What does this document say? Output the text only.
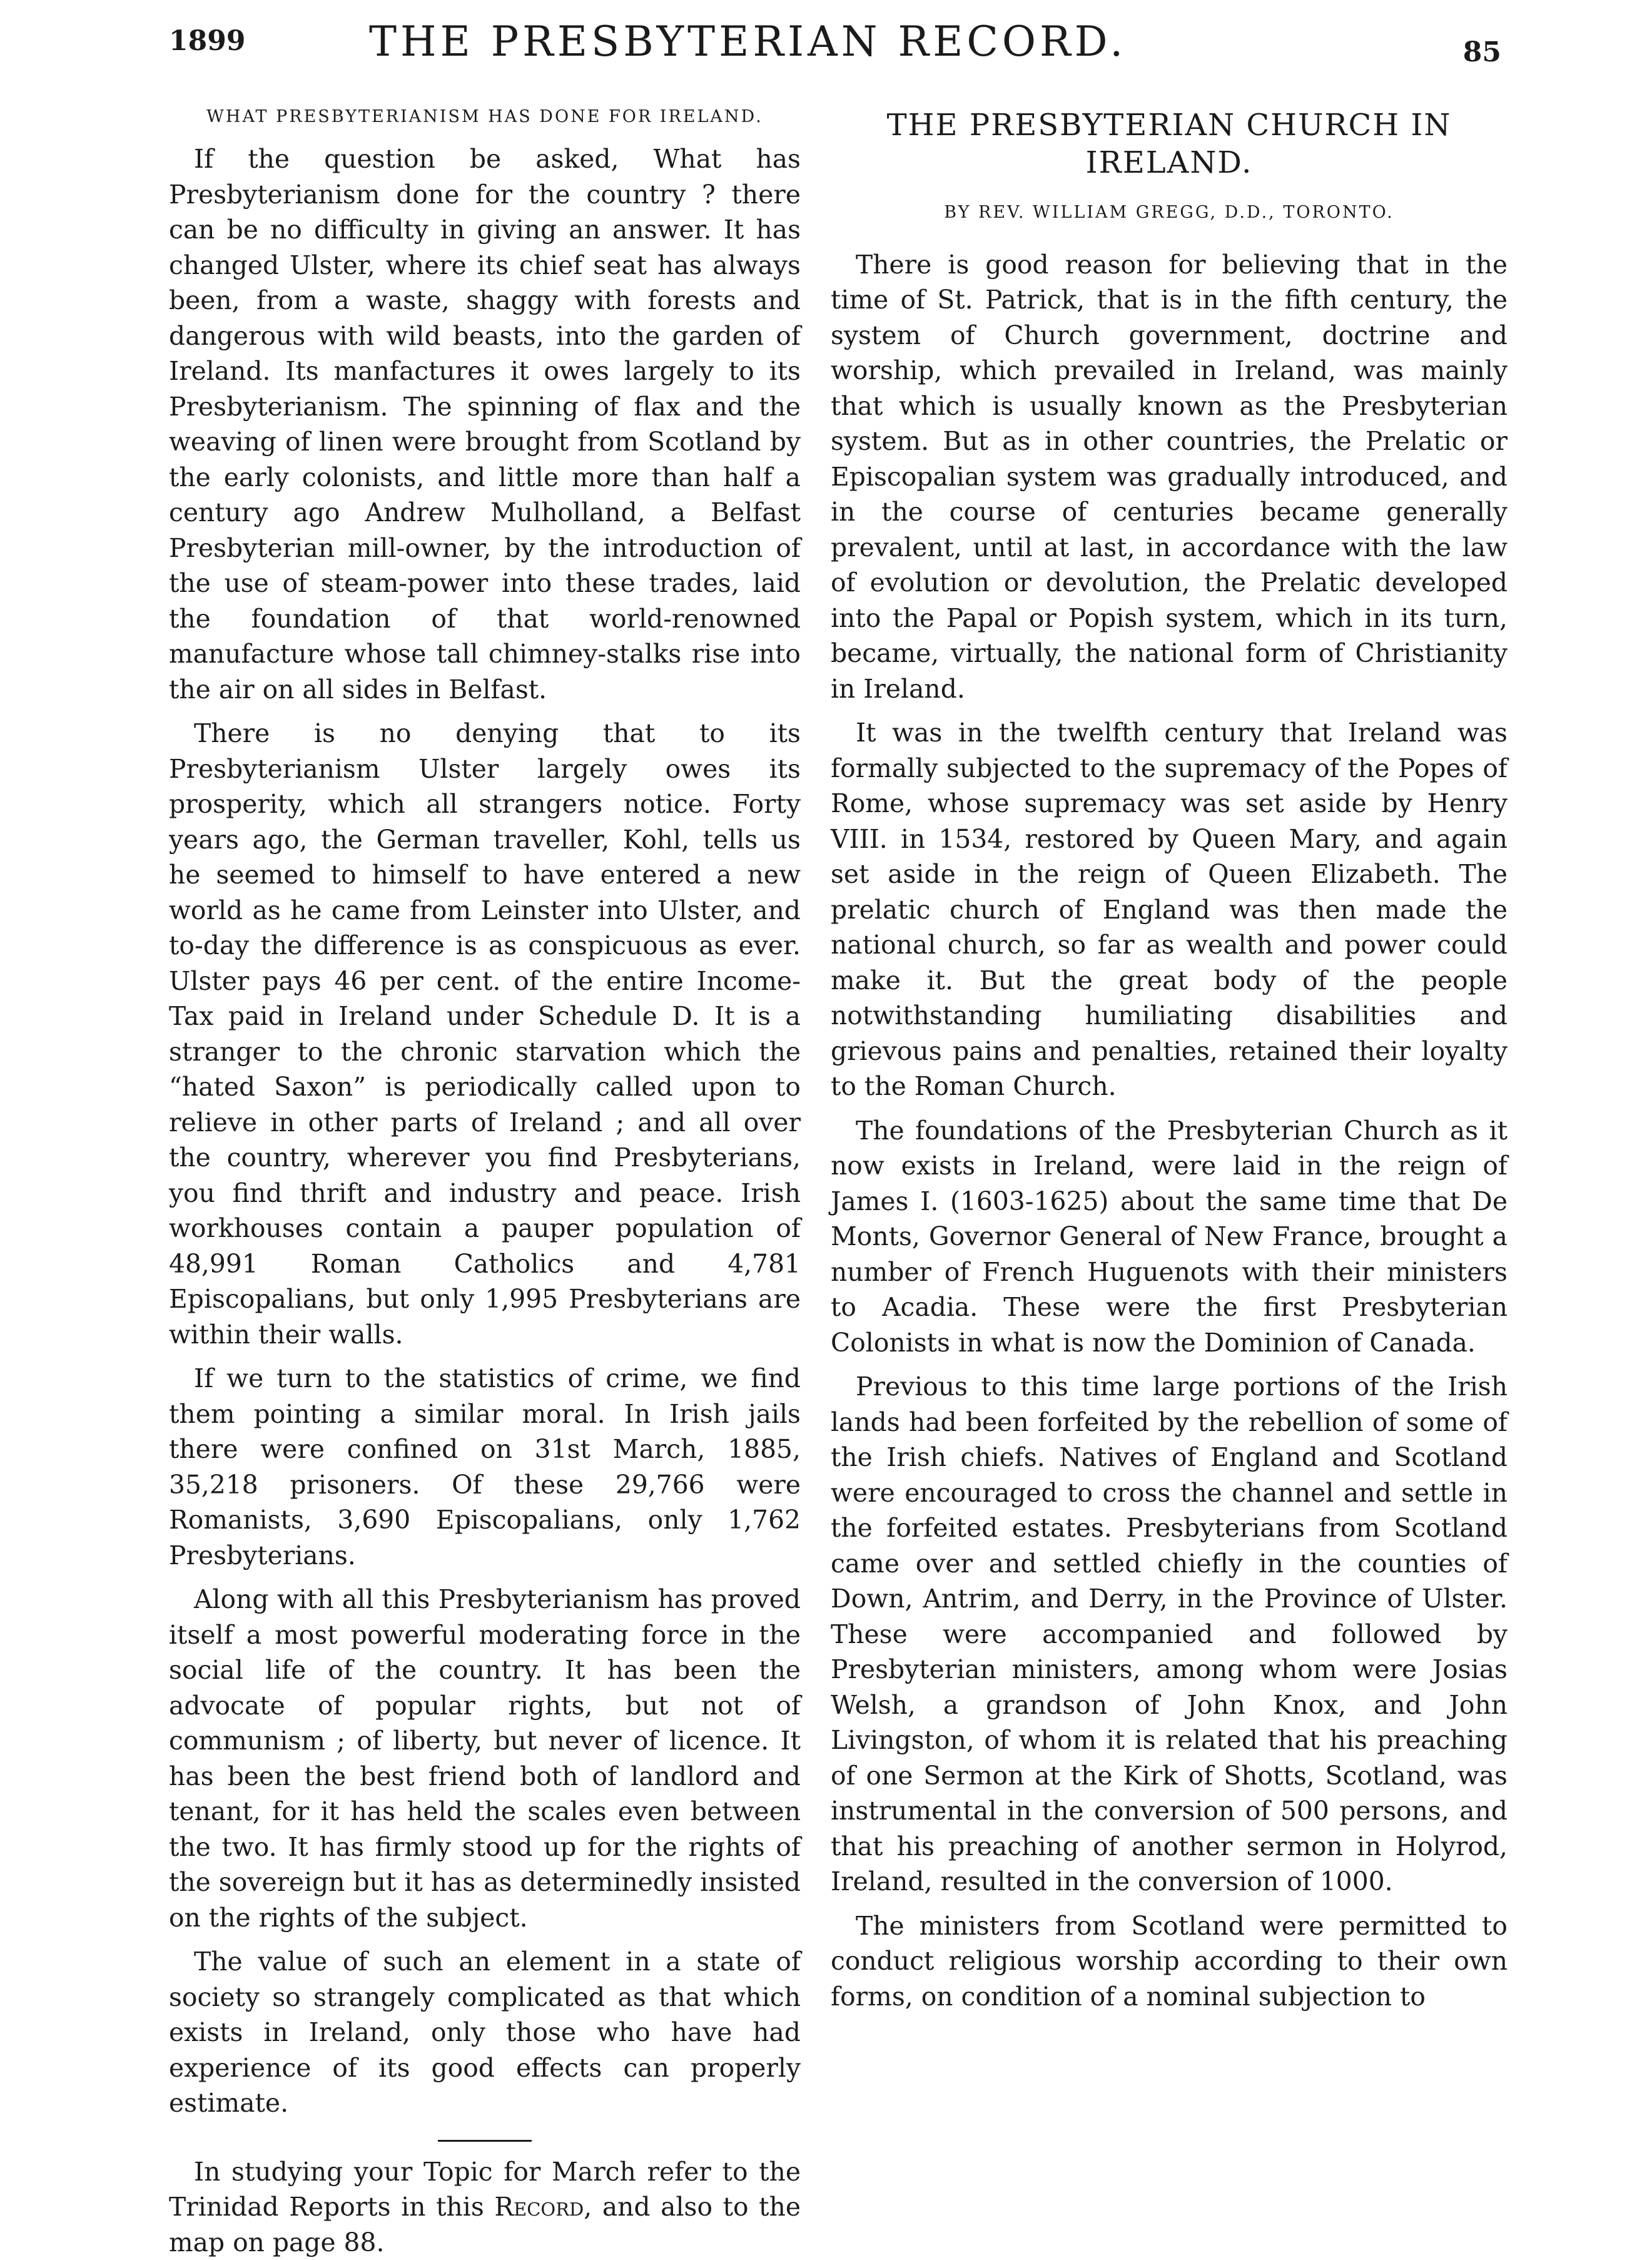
1899	THE PRESBYTERIAN RECORD.	85
WHAT PRESBYTERIANISM HAS DONE FOR IRELAND.

If the question be asked, What has Presbyterianism done for the country ? there can be no difficulty in giving an answer. It has changed Ulster, where its chief seat has always been, from a waste, shaggy with forests and dangerous with wild beasts, into the garden of Ireland. Its manfactures it owes largely to its Presbyterianism. The spinning of flax and the weaving of linen were brought from Scotland by the early colonists, and little more than half a century ago Andrew Mulholland, a Belfast Presbyterian mill-owner, by the introduction of the use of steam-power into these trades, laid the foundation of that world-renowned manufacture whose tall chimney-stalks rise into the air on all sides in Belfast.

There is no denying that to its Presbyterianism Ulster largely owes its prosperity, which all strangers notice. Forty years ago, the German traveller, Kohl, tells us he seemed to himself to have entered a new world as he came from Leinster into Ulster, and to-day the difference is as conspicuous as ever. Ulster pays 46 per cent. of the entire Income-Tax paid in Ireland under Schedule D. It is a stranger to the chronic starvation which the “hated Saxon” is periodically called upon to relieve in other parts of Ireland ; and all over the country, wherever you find Presbyterians, you find thrift and industry and peace. Irish workhouses contain a pauper population of 48,991 Roman Catholics and 4,781 Episcopalians, but only 1,995 Presbyterians are within their walls.

If we turn to the statistics of crime, we find them pointing a similar moral. In Irish jails there were confined on 31st March, 1885, 35,218 prisoners. Of these 29,766 were Romanists, 3,690 Episcopalians, only 1,762 Presbyterians.

Along with all this Presbyterianism has proved itself a most powerful moderating force in the social life of the country. It has been the advocate of popular rights, but not of communism ; of liberty, but never of licence. It has been the best friend both of landlord and tenant, for it has held the scales even between the two. It has firmly stood up for the rights of the sovereign but it has as determinedly insisted on the rights of the subject.

The value of such an element in a state of society so strangely complicated as that which exists in Ireland, only those who have had experience of its good effects can properly estimate.

In studying your Topic for March refer to the Trinidad Reports in this Record, and also to the map on page 88.

THE PRESBYTERIAN CHURCH IN IRELAND.
BY REV. WILLIAM GREGG, D.D., TORONTO.

There is good reason for believing that in the time of St. Patrick, that is in the fifth century, the system of Church government, doctrine and worship, which prevailed in Ireland, was mainly that which is usually known as the Presbyterian system. But as in other countries, the Prelatic or Episcopalian system was gradually introduced, and in the course of centuries became generally prevalent, until at last, in accordance with the law of evolution or devolution, the Prelatic developed into the Papal or Popish system, which in its turn, became, virtually, the national form of Christianity in Ireland.

It was in the twelfth century that Ireland was formally subjected to the supremacy of the Popes of Rome, whose supremacy was set aside by Henry VIII. in 1534, restored by Queen Mary, and again set aside in the reign of Queen Elizabeth. The prelatic church of England was then made the national church, so far as wealth and power could make it. But the great body of the people notwithstanding humiliating disabilities and grievous pains and penalties, retained their loyalty to the Roman Church.

The foundations of the Presbyterian Church as it now exists in Ireland, were laid in the reign of James I. (1603-1625) about the same time that De Monts, Governor General of New France, brought a number of French Huguenots with their ministers to Acadia. These were the first Presbyterian Colonists in what is now the Dominion of Canada.

Previous to this time large portions of the Irish lands had been forfeited by the rebellion of some of the Irish chiefs. Natives of England and Scotland were encouraged to cross the channel and settle in the forfeited estates. Presbyterians from Scotland came over and settled chiefly in the counties of Down, Antrim, and Derry, in the Province of Ulster. These were accompanied and followed by Presbyterian ministers, among whom were Josias Welsh, a grandson of John Knox, and John Livingston, of whom it is related that his preaching of one Sermon at the Kirk of Shotts, Scotland, was instrumental in the conversion of 500 persons, and that his preaching of another sermon in Holyrod, Ireland, resulted in the conversion of 1000.

The ministers from Scotland were permitted to conduct religious worship according to their own forms, on condition of a nominal subjection to
